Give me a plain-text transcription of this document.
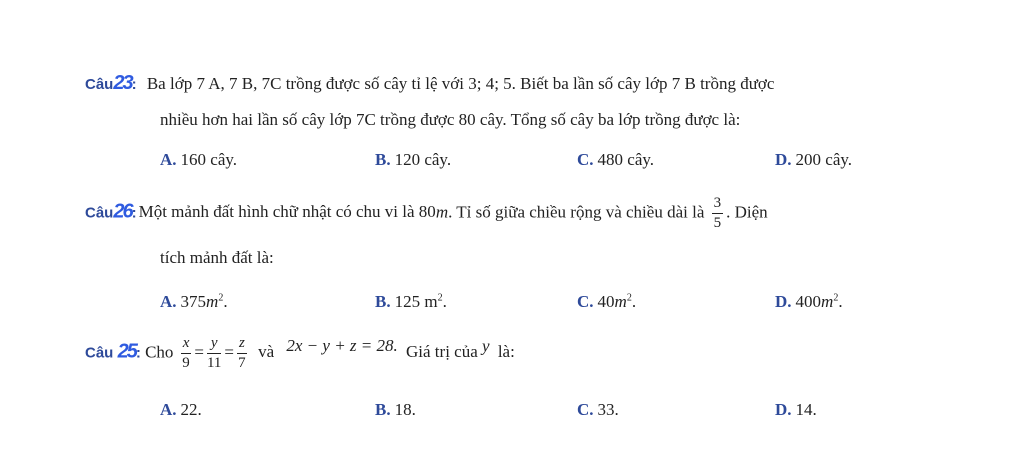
Câu23: Ba lớp 7 A, 7 B, 7C trồng được số cây tỉ lệ với 3; 4; 5. Biết ba lần số cây lớp 7 B trồng được
nhiều hơn hai lần số cây lớp 7C trồng được 80 cây. Tổng số cây ba lớp trồng được là:
A. 160 cây.	B. 120 cây.	C. 480 cây.	D. 200 cây.
Câu26: Một mảnh đất hình chữ nhật có chu vi là 80m. Tỉ số giữa chiều rộng và chiều dài là $\frac{3}{5}$ . Diện
tích mảnh đất là:
A. $375m^2$.	B. 125 $m^2$.	C. $40m^2$.	D. $400m^2$.
Câu 25: Cho $\frac{x}{9} = \frac{y}{11} = \frac{z}{7}$ và 2x − y + z = 28. Giá trị của y là:
A. 22.	B. 18.	C. 33.	D. 14.
